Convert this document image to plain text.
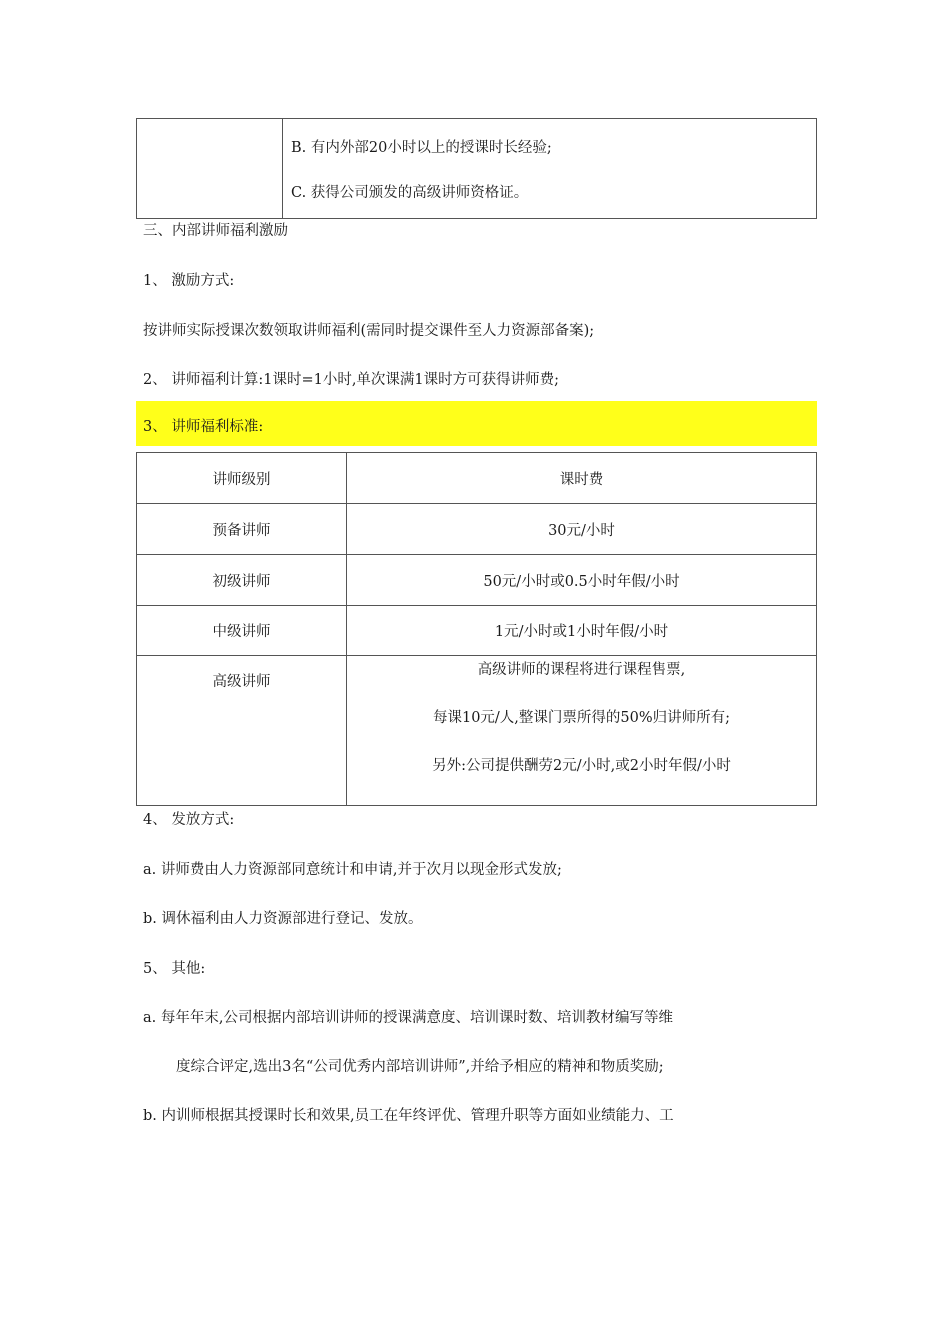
B. 有内外部20小时以上的授课时长经验;
C. 获得公司颁发的高级讲师资格证。
三、内部讲师福利激励
1、 激励方式:
按讲师实际授课次数领取讲师福利(需同时提交课件至人力资源部备案);
2、 讲师福利计算:1课时=1小时,单次课满1课时方可获得讲师费;
3、 讲师福利标准:
讲师级别	课时费
预备讲师	30元/小时
初级讲师	50元/小时或0.5小时年假/小时
中级讲师	1元/小时或1小时年假/小时
高级讲师	高级讲师的课程将进行课程售票,
每课10元/人,整课门票所得的50%归讲师所有;
另外:公司提供酬劳2元/小时,或2小时年假/小时
4、 发放方式:
a. 讲师费由人力资源部同意统计和申请,并于次月以现金形式发放;
b. 调休福利由人力资源部进行登记、发放。
5、 其他:
a. 每年年末,公司根据内部培训讲师的授课满意度、培训课时数、培训教材编写等维
度综合评定,选出3名“公司优秀内部培训讲师”,并给予相应的精神和物质奖励;
b. 内训师根据其授课时长和效果,员工在年终评优、管理升职等方面如业绩能力、工
